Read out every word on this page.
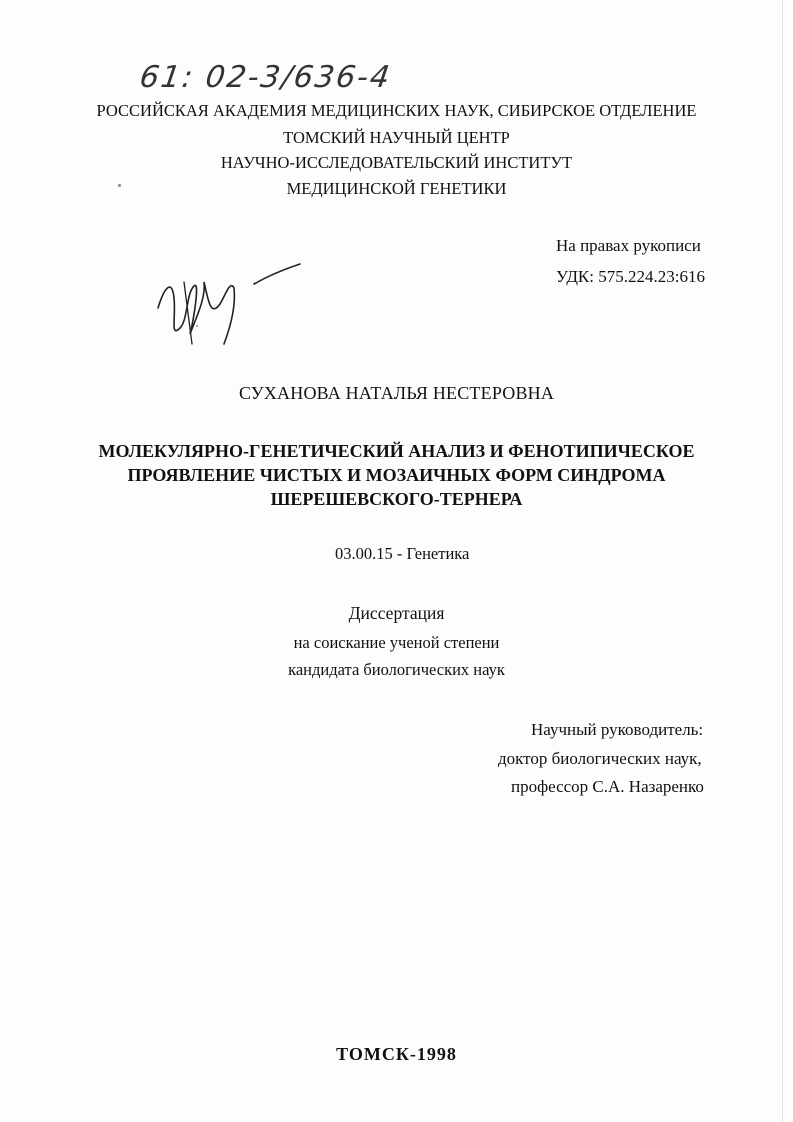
61: 02-3/636-4
РОССИЙСКАЯ АКАДЕМИЯ МЕДИЦИНСКИХ НАУК, СИБИРСКОЕ ОТДЕЛЕНИЕ
ТОМСКИЙ НАУЧНЫЙ ЦЕНТР
НАУЧНО-ИССЛЕДОВАТЕЛЬСКИЙ ИНСТИТУТ
МЕДИЦИНСКОЙ ГЕНЕТИКИ
На правах рукописи
УДК: 575.224.23:616
СУХАНОВА НАТАЛЬЯ НЕСТЕРОВНА
МОЛЕКУЛЯРНО-ГЕНЕТИЧЕСКИЙ АНАЛИЗ И ФЕНОТИПИЧЕСКОЕ
ПРОЯВЛЕНИЕ ЧИСТЫХ И МОЗАИЧНЫХ ФОРМ СИНДРОМА
ШЕРЕШЕВСКОГО-ТЕРНЕРА
03.00.15 - Генетика
Диссертация
на соискание ученой степени
кандидата биологических наук
Научный руководитель:
доктор биологических наук,
профессор С.А. Назаренко
ТОМСК-1998
